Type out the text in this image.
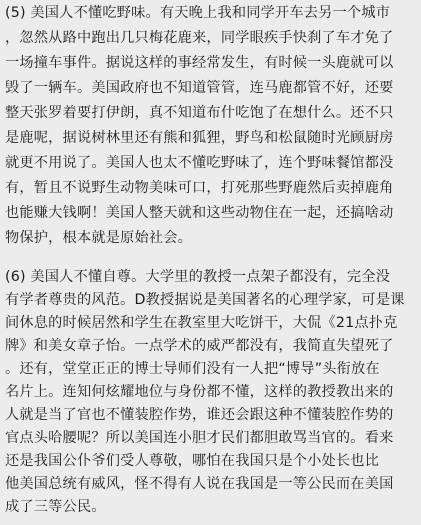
(5) 美国人不懂吃野味。有天晚上我和同学开车去另一个城市
，忽然从路中跑出几只梅花鹿来，同学眼疾手快刹了车才免了
一场撞车事件。据说这样的事经常发生，有时候一头鹿就可以
毁了一辆车。美国政府也不知道管管，连马鹿都管不好，还要
整天张罗着要打伊朗，真不知道布什吃饱了在想什么。还不只
是鹿呢，据说树林里还有熊和狐狸，野鸟和松鼠随时光顾厨房
就更不用说了。美国人也太不懂吃野味了，连个野味餐馆都没
有，暂且不说野生动物美味可口，打死那些野鹿然后卖掉鹿角
也能赚大钱啊！美国人整天就和这些动物住在一起，还搞啥动
物保护，根本就是原始社会。
(6) 美国人不懂自尊。大学里的教授一点架子都没有，完全没
有学者尊贵的风范。D教授据说是美国著名的心理学家，可是课
间休息的时候居然和学生在教室里大吃饼干，大侃《21点扑克
牌》和美女章子怡。一点学术的威严都没有，我简直失望死了
。还有，堂堂正正的博士导师们没有一人把“博导”头衔放在
名片上。连知何炫耀地位与身份都不懂，这样的教授教出来的
人就是当了官也不懂装腔作势，谁还会跟这种不懂装腔作势的
官点头哈腰呢？所以美国连小胆才民们都胆敢骂当官的。看来
还是我国公仆爷们受人尊敬，哪怕在我国只是个小处长也比
他美国总统有威风，怪不得有人说在我国是一等公民而在美国
成了三等公民。
